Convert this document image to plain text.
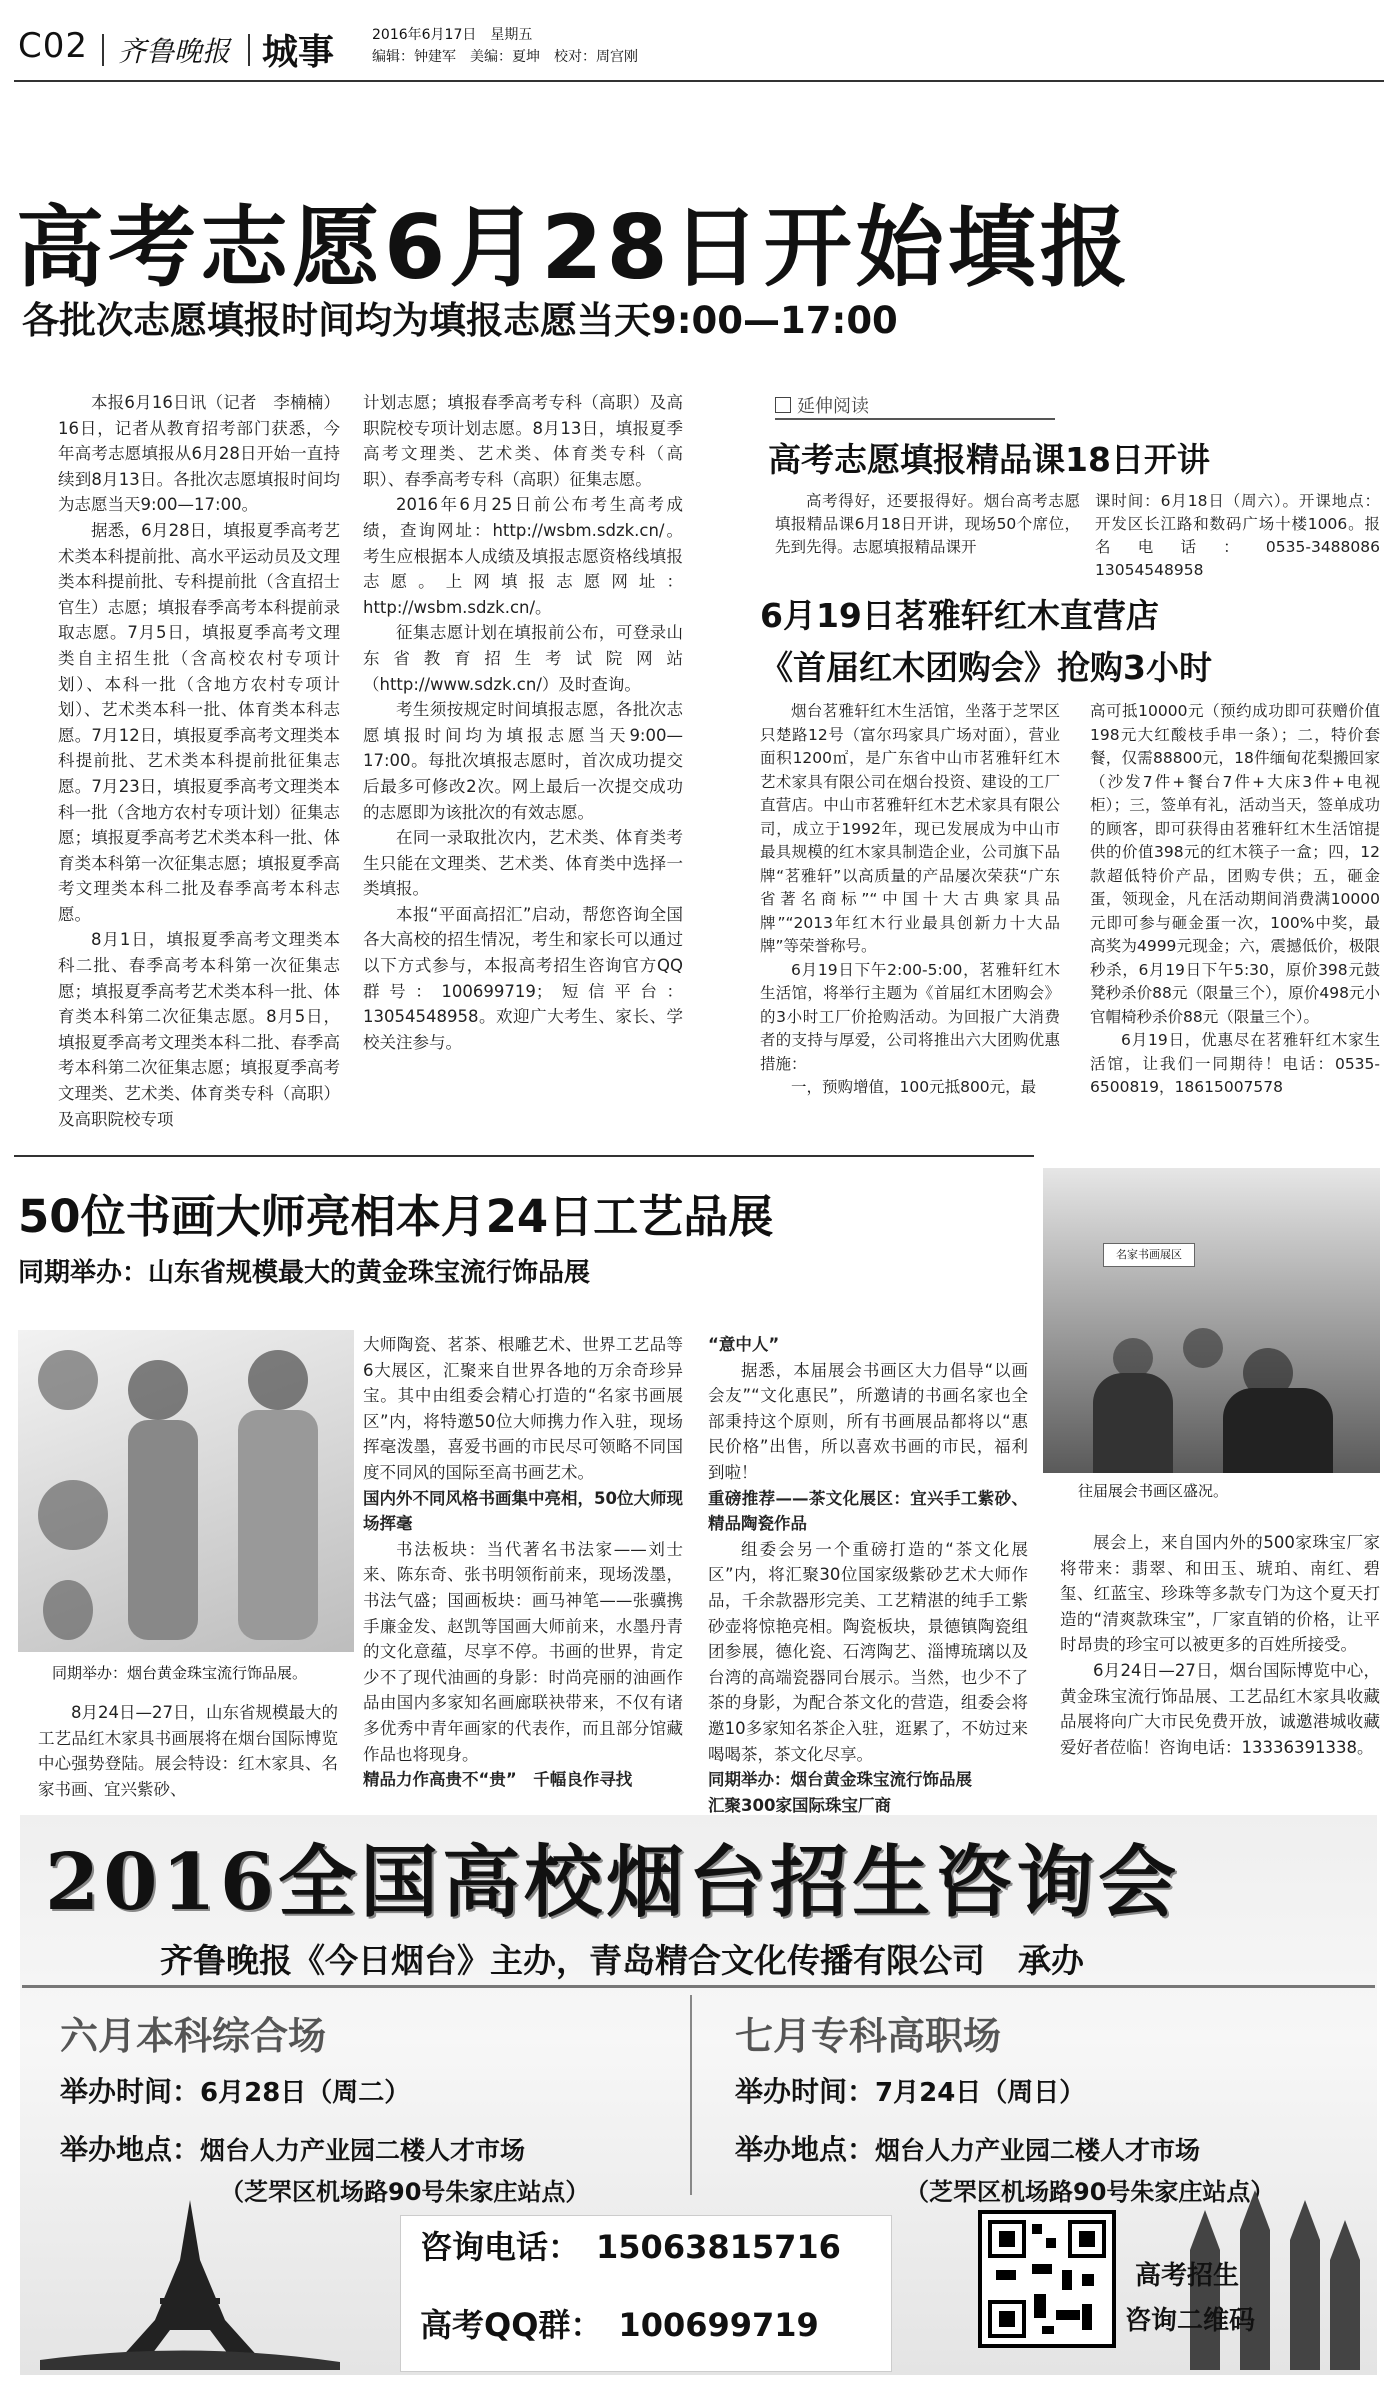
C02 齐鲁晚报 城事	2016年6月17日　星期五
编辑：钟建军　美编：夏坤　校对：周宫刚
高考志愿6月28日开始填报
各批次志愿填报时间均为填报志愿当天9:00—17:00

本报6月16日讯（记者　李楠楠）16日，记者从教育招考部门获悉，今年高考志愿填报从6月28日开始一直持续到8月13日。各批次志愿填报时间均为志愿当天9:00—17:00。

据悉，6月28日，填报夏季高考艺术类本科提前批、高水平运动员及文理类本科提前批、专科提前批（含直招士官生）志愿；填报春季高考本科提前录取志愿。7月5日，填报夏季高考文理类自主招生批（含高校农村专项计划）、本科一批（含地方农村专项计划）、艺术类本科一批、体育类本科志愿。7月12日，填报夏季高考文理类本科提前批、艺术类本科提前批征集志愿。7月23日，填报夏季高考文理类本科一批（含地方农村专项计划）征集志愿；填报夏季高考艺术类本科一批、体育类本科第一次征集志愿；填报夏季高考文理类本科二批及春季高考本科志愿。

8月1日，填报夏季高考文理类本科二批、春季高考本科第一次征集志愿；填报夏季高考艺术类本科一批、体育类本科第二次征集志愿。8月5日，填报夏季高考文理类本科二批、春季高考本科第二次征集志愿；填报夏季高考文理类、艺术类、体育类专科（高职）及高职院校专项

计划志愿；填报春季高考专科（高职）及高职院校专项计划志愿。8月13日，填报夏季高考文理类、艺术类、体育类专科（高职）、春季高考专科（高职）征集志愿。

2016年6月25日前公布考生高考成绩，查询网址：http://wsbm.sdzk.cn/。考生应根据本人成绩及填报志愿资格线填报志愿。上网填报志愿网址：http://wsbm.sdzk.cn/。

征集志愿计划在填报前公布，可登录山东省教育招生考试院网站（http://www.sdzk.cn/）及时查询。

考生须按规定时间填报志愿，各批次志愿填报时间均为填报志愿当天9:00—17:00。每批次填报志愿时，首次成功提交后最多可修改2次。网上最后一次提交成功的志愿即为该批次的有效志愿。

在同一录取批次内，艺术类、体育类考生只能在文理类、艺术类、体育类中选择一类填报。

本报“平面高招汇”启动，帮您咨询全国各大高校的招生情况，考生和家长可以通过以下方式参与，本报高考招生咨询官方QQ群号：100699719；短信平台：13054548958。欢迎广大考生、家长、学校关注参与。

延伸阅读
高考志愿填报精品课18日开讲

高考得好，还要报得好。烟台高考志愿填报精品课6月18日开讲，现场50个席位，先到先得。志愿填报精品课开

课时间：6月18日（周六）。开课地点：开发区长江路和数码广场十楼1006。报名电话：0535-3488086 13054548958

6月19日茗雅轩红木直营店
《首届红木团购会》抢购3小时

烟台茗雅轩红木生活馆，坐落于芝罘区只楚路12号（富尔玛家具广场对面），营业面积1200㎡，是广东省中山市茗雅轩红木艺术家具有限公司在烟台投资、建设的工厂直营店。中山市茗雅轩红木艺术家具有限公司，成立于1992年，现已发展成为中山市最具规模的红木家具制造企业，公司旗下品牌“茗雅轩”以高质量的产品屡次荣获“广东省著名商标”“中国十大古典家具品牌”“2013年红木行业最具创新力十大品牌”等荣誉称号。

6月19日下午2:00-5:00，茗雅轩红木生活馆，将举行主题为《首届红木团购会》的3小时工厂价抢购活动。为回报广大消费者的支持与厚爱，公司将推出六大团购优惠措施：

一，预购增值，100元抵800元，最

高可抵10000元（预约成功即可获赠价值198元大红酸枝手串一条）；二，特价套餐，仅需88800元，18件缅甸花梨搬回家（沙发7件+餐台7件+大床3件+电视柜）；三，签单有礼，活动当天，签单成功的顾客，即可获得由茗雅轩红木生活馆提供的价值398元的红木筷子一盒；四，12款超低特价产品，团购专供；五，砸金蛋，领现金，凡在活动期间消费满10000元即可参与砸金蛋一次，100%中奖，最高奖为4999元现金；六，震撼低价，极限秒杀，6月19日下午5:30，原价398元鼓凳秒杀价88元（限量三个），原价498元小官帽椅秒杀价88元（限量三个）。

6月19日，优惠尽在茗雅轩红木家生活馆，让我们一同期待！电话：0535-6500819，18615007578

50位书画大师亮相本月24日工艺品展
同期举办：山东省规模最大的黄金珠宝流行饰品展
同期举办：烟台黄金珠宝流行饰品展。

8月24日—27日，山东省规模最大的工艺品红木家具书画展将在烟台国际博览中心强势登陆。展会特设：红木家具、名家书画、宜兴紫砂、

大师陶瓷、茗茶、根雕艺术、世界工艺品等6大展区，汇聚来自世界各地的万余奇珍异宝。其中由组委会精心打造的“名家书画展区”内，将特邀50位大师携力作入驻，现场挥毫泼墨，喜爱书画的市民尽可领略不同国度不同风的国际至高书画艺术。

国内外不同风格书画集中亮相，50位大师现场挥毫

书法板块：当代著名书法家——刘士来、陈东奇、张书明领衔前来，现场泼墨，书法气盛；国画板块：画马神笔——张骥携手廉金发、赵凯等国画大师前来，水墨丹青的文化意蕴，尽享不停。书画的世界，肯定少不了现代油画的身影：时尚亮丽的油画作品由国内多家知名画廊联袂带来，不仅有诸多优秀中青年画家的代表作，而且部分馆藏作品也将现身。

精品力作高贵不“贵”　千幅良作寻找

“意中人”

据悉，本届展会书画区大力倡导“以画会友”“文化惠民”，所邀请的书画名家也全部秉持这个原则，所有书画展品都将以“惠民价格”出售，所以喜欢书画的市民，福利到啦！

重磅推荐——茶文化展区：宜兴手工紫砂、精品陶瓷作品

组委会另一个重磅打造的“茶文化展区”内，将汇聚30位国家级紫砂艺术大师作品，千余款器形完美、工艺精湛的纯手工紫砂壶将惊艳亮相。陶瓷板块，景德镇陶瓷组团参展，德化瓷、石湾陶艺、淄博琉璃以及台湾的高端瓷器同台展示。当然，也少不了茶的身影，为配合茶文化的营造，组委会将邀10多家知名茶企入驻，逛累了，不妨过来喝喝茶，茶文化尽享。

同期举办：烟台黄金珠宝流行饰品展

汇聚300家国际珠宝厂商

名家书画展区
往届展会书画区盛况。

展会上，来自国内外的500家珠宝厂家将带来：翡翠、和田玉、琥珀、南红、碧玺、红蓝宝、珍珠等多款专门为这个夏天打造的“清爽款珠宝”，厂家直销的价格，让平时昂贵的珍宝可以被更多的百姓所接受。

6月24日—27日，烟台国际博览中心，黄金珠宝流行饰品展、工艺品红木家具收藏品展将向广大市民免费开放，诚邀港城收藏爱好者莅临！咨询电话：13336391338。

2016全国高校烟台招生咨询会
齐鲁晚报《今日烟台》主办，青岛精合文化传播有限公司　承办
六月本科综合场
举办时间：6月28日（周二）
举办地点：烟台人力产业园二楼人才市场
（芝罘区机场路90号朱家庄站点）
七月专科高职场
举办时间：7月24日（周日）
举办地点：烟台人力产业园二楼人才市场
（芝罘区机场路90号朱家庄站点）
咨询电话： 15063815716
高考QQ群： 100699719
高考招生
咨询二维码
